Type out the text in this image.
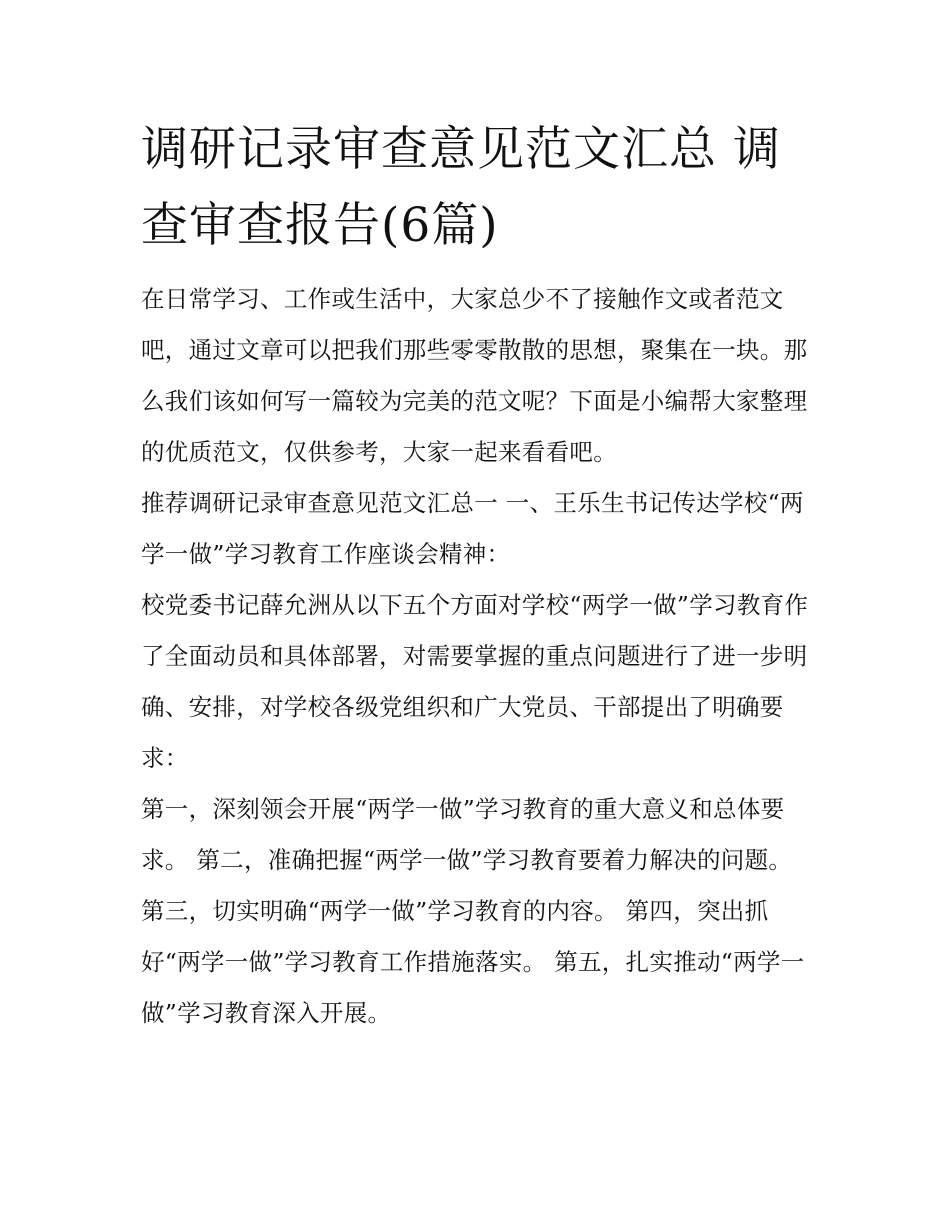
调研记录审查意见范文汇总 调查审查报告(6篇)

在日常学习、工作或生活中，大家总少不了接触作文或者范文吧，通过文章可以把我们那些零零散散的思想，聚集在一块。那么我们该如何写一篇较为完美的范文呢？下面是小编帮大家整理的优质范文，仅供参考，大家一起来看看吧。

推荐调研记录审查意见范文汇总一 一、王乐生书记传达学校“两学一做”学习教育工作座谈会精神：

校党委书记薛允洲从以下五个方面对学校“两学一做”学习教育作了全面动员和具体部署，对需要掌握的重点问题进行了进一步明确、安排，对学校各级党组织和广大党员、干部提出了明确要求：

第一，深刻领会开展“两学一做”学习教育的重大意义和总体要求。 第二，准确把握“两学一做”学习教育要着力解决的问题。

第三，切实明确“两学一做”学习教育的内容。 第四，突出抓好“两学一做”学习教育工作措施落实。 第五，扎实推动“两学一做”学习教育深入开展。
